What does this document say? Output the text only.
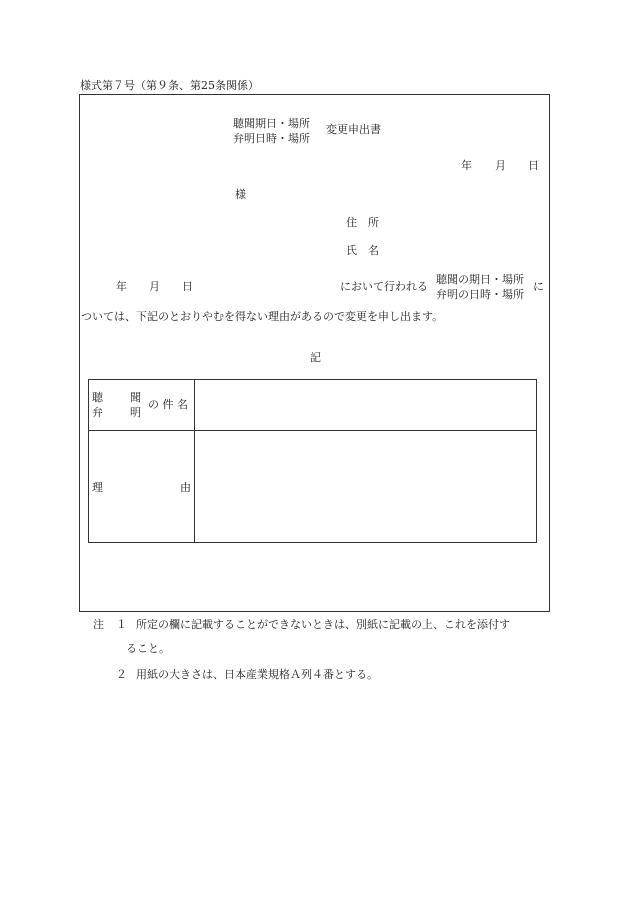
様式第７号（第９条、第25条関係）
聴聞期日・場所
弁明日時・場所
変更申出書
年 月 日
様
住　所
氏　名
年 月 日	において行われる
聴聞の期日・場所
弁明の日時・場所
に
ついては、下記のとおりやむを得ない理由があるので変更を申し出ます。
記
聴 聞
弁 明
の 件 名
理	由
注 １ 所定の欄に記載することができないときは、別紙に記載の上、これを添付す
ること。
２ 用紙の大きさは、日本産業規格Ａ列４番とする。
